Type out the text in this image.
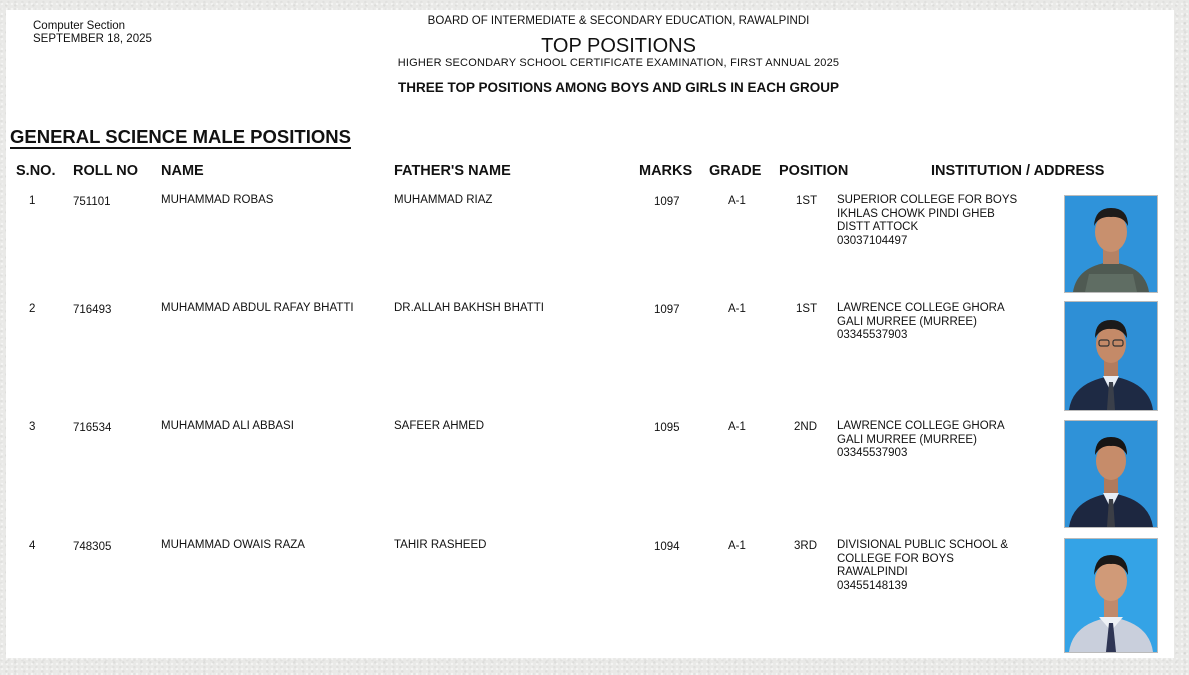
Computer Section
SEPTEMBER 18, 2025
BOARD OF INTERMEDIATE & SECONDARY EDUCATION, RAWALPINDI
TOP POSITIONS
HIGHER SECONDARY SCHOOL CERTIFICATE EXAMINATION, FIRST ANNUAL 2025
THREE TOP POSITIONS AMONG BOYS AND GIRLS IN EACH GROUP
GENERAL SCIENCE MALE POSITIONS
S.NO. ROLL NO NAME	FATHER'S NAME	MARKS GRADE POSITION	INSTITUTION / ADDRESS
1	751101	MUHAMMAD ROBAS	MUHAMMAD RIAZ	1097	A-1	1ST SUPERIOR COLLEGE FOR BOYS
IKHLAS CHOWK PINDI GHEB
DISTT ATTOCK
03037104497
2	716493	MUHAMMAD ABDUL RAFAY BHATTI	DR.ALLAH BAKHSH BHATTI	1097	A-1	1ST LAWRENCE COLLEGE GHORA
GALI MURREE (MURREE)
03345537903
3	716534	MUHAMMAD ALI ABBASI	SAFEER AHMED	1095	A-1	2ND LAWRENCE COLLEGE GHORA
GALI MURREE (MURREE)
03345537903
4	748305	MUHAMMAD OWAIS RAZA	TAHIR RASHEED	1094	A-1	3RD DIVISIONAL PUBLIC SCHOOL &
COLLEGE FOR BOYS
RAWALPINDI
03455148139
